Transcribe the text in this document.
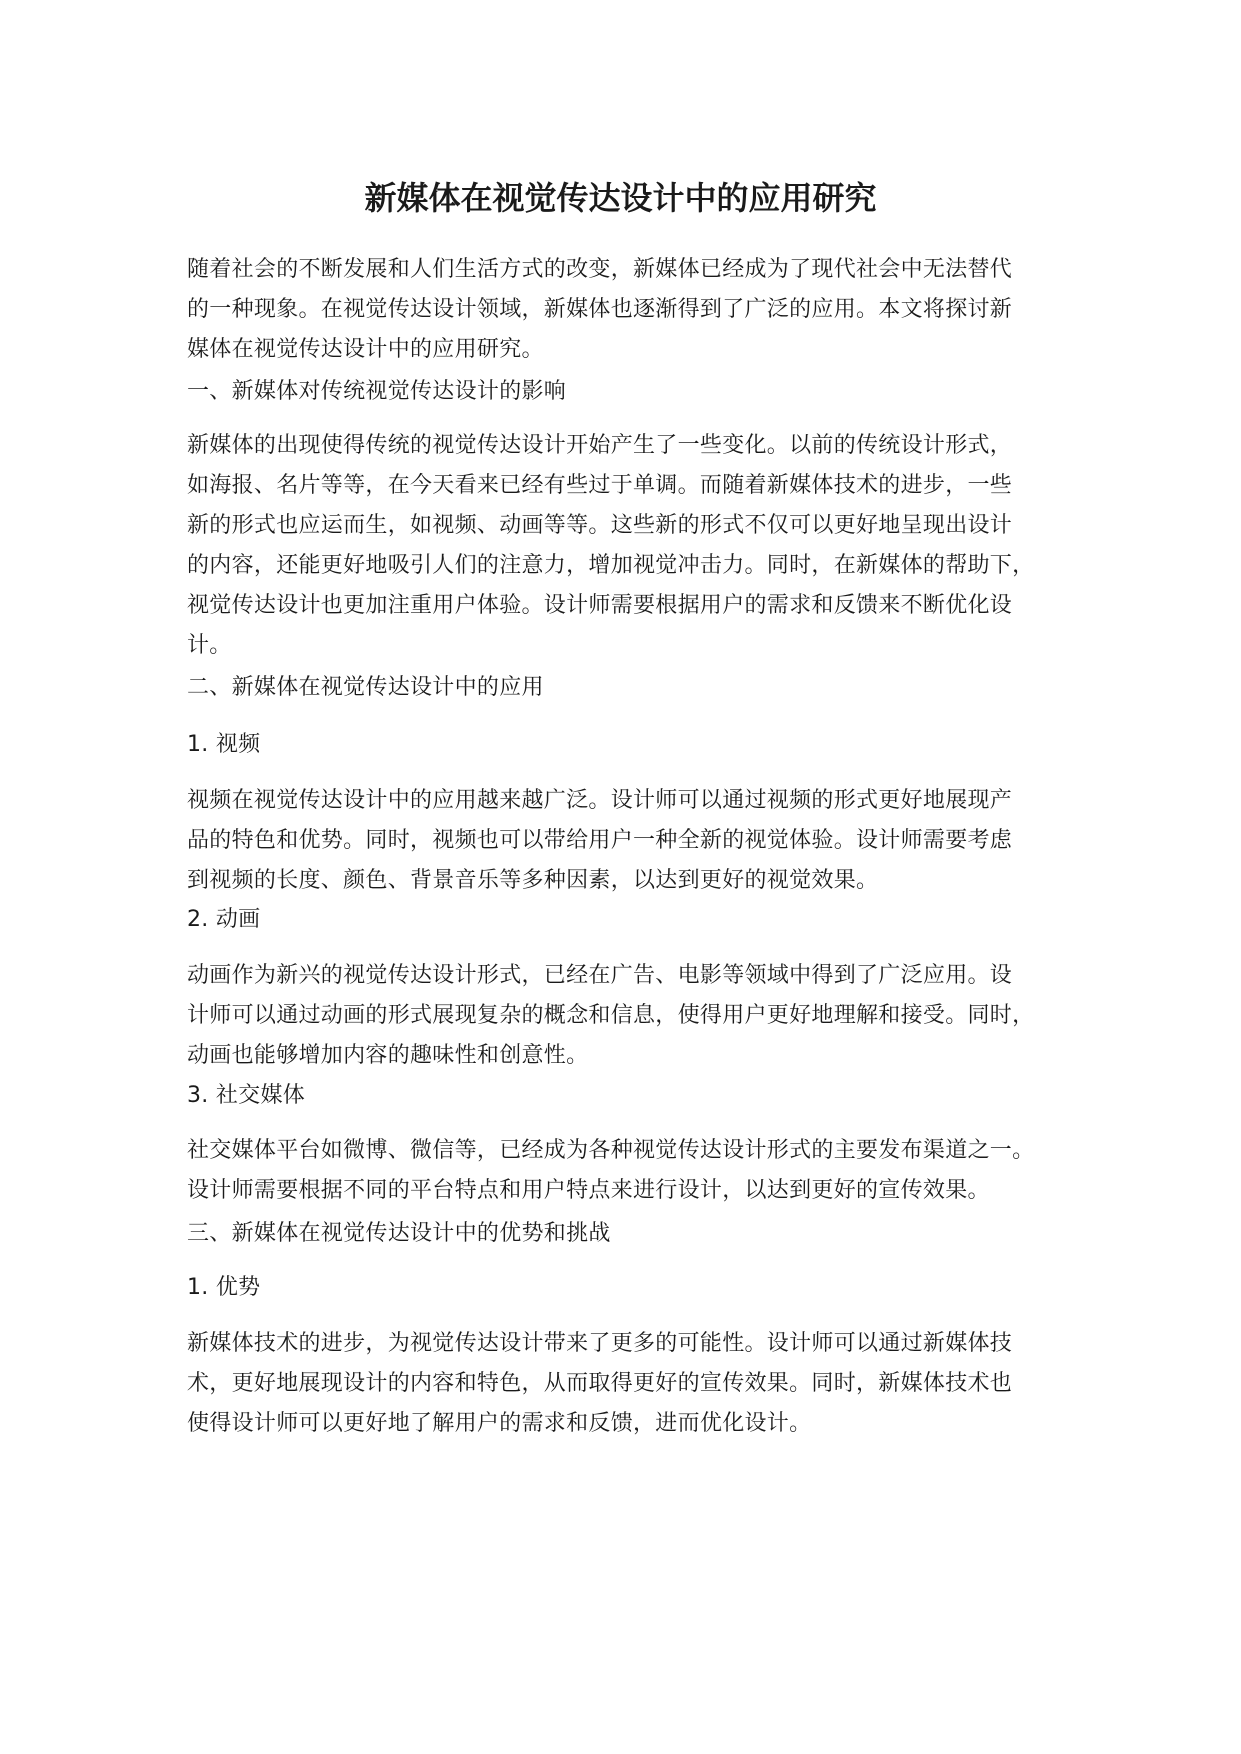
新媒体在视觉传达设计中的应用研究
随着社会的不断发展和人们生活方式的改变，新媒体已经成为了现代社会中无法替代
的一种现象。在视觉传达设计领域，新媒体也逐渐得到了广泛的应用。本文将探讨新
媒体在视觉传达设计中的应用研究。
一、新媒体对传统视觉传达设计的影响
新媒体的出现使得传统的视觉传达设计开始产生了一些变化。以前的传统设计形式，
如海报、名片等等，在今天看来已经有些过于单调。而随着新媒体技术的进步，一些
新的形式也应运而生，如视频、动画等等。这些新的形式不仅可以更好地呈现出设计
的内容，还能更好地吸引人们的注意力，增加视觉冲击力。同时，在新媒体的帮助下，
视觉传达设计也更加注重用户体验。设计师需要根据用户的需求和反馈来不断优化设
计。
二、新媒体在视觉传达设计中的应用
1. 视频
视频在视觉传达设计中的应用越来越广泛。设计师可以通过视频的形式更好地展现产
品的特色和优势。同时，视频也可以带给用户一种全新的视觉体验。设计师需要考虑
到视频的长度、颜色、背景音乐等多种因素，以达到更好的视觉效果。
2. 动画
动画作为新兴的视觉传达设计形式，已经在广告、电影等领域中得到了广泛应用。设
计师可以通过动画的形式展现复杂的概念和信息，使得用户更好地理解和接受。同时，
动画也能够增加内容的趣味性和创意性。
3. 社交媒体
社交媒体平台如微博、微信等，已经成为各种视觉传达设计形式的主要发布渠道之一。
设计师需要根据不同的平台特点和用户特点来进行设计，以达到更好的宣传效果。
三、新媒体在视觉传达设计中的优势和挑战
1. 优势
新媒体技术的进步，为视觉传达设计带来了更多的可能性。设计师可以通过新媒体技
术，更好地展现设计的内容和特色，从而取得更好的宣传效果。同时，新媒体技术也
使得设计师可以更好地了解用户的需求和反馈，进而优化设计。
